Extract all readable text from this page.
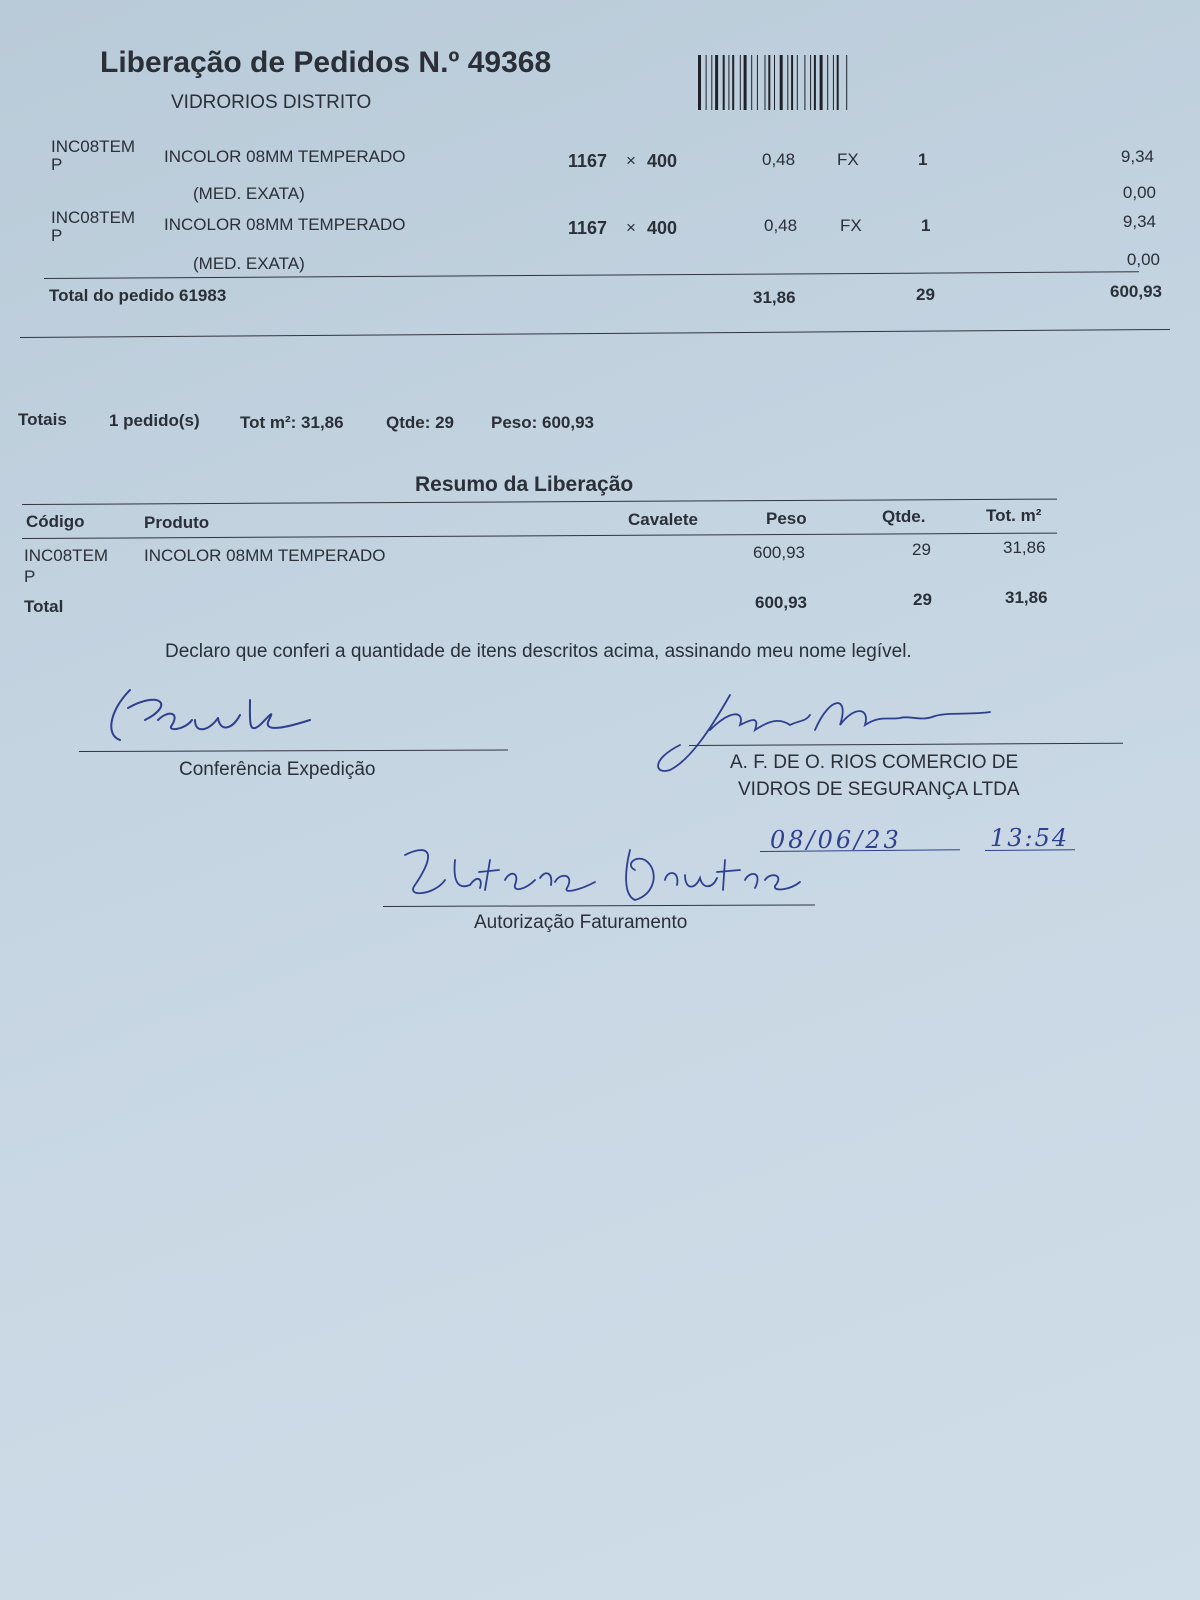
Liberação de Pedidos N.º 49368
VIDRORIOS DISTRITO
INC08TEM
P	INCOLOR 08MM TEMPERADO	1167 × 400	0,48 FX	1	9,34
(MED. EXATA)	0,00
INC08TEM
P
INCOLOR 08MM TEMPERADO	1167 × 400	0,48	FX	1	9,34
(MED. EXATA)	0,00
Total do pedido 61983	31,86	29	600,93
Totais 1 pedido(s) Tot m²: 31,86 Qtde: 29 Peso: 600,93
Resumo da Liberação
Código	Produto	Cavalete	Peso	Qtde.	Tot. m²
INC08TEM
P
INCOLOR 08MM TEMPERADO	600,93	29	31,86
Total	600,93	29	31,86
Declaro que conferi a quantidade de itens descritos acima, assinando meu nome legível.
Conferência Expedição	A. F. DE O. RIOS COMERCIO DE
VIDROS DE SEGURANÇA LTDA
08/06/23	13:54
Autorização Faturamento
